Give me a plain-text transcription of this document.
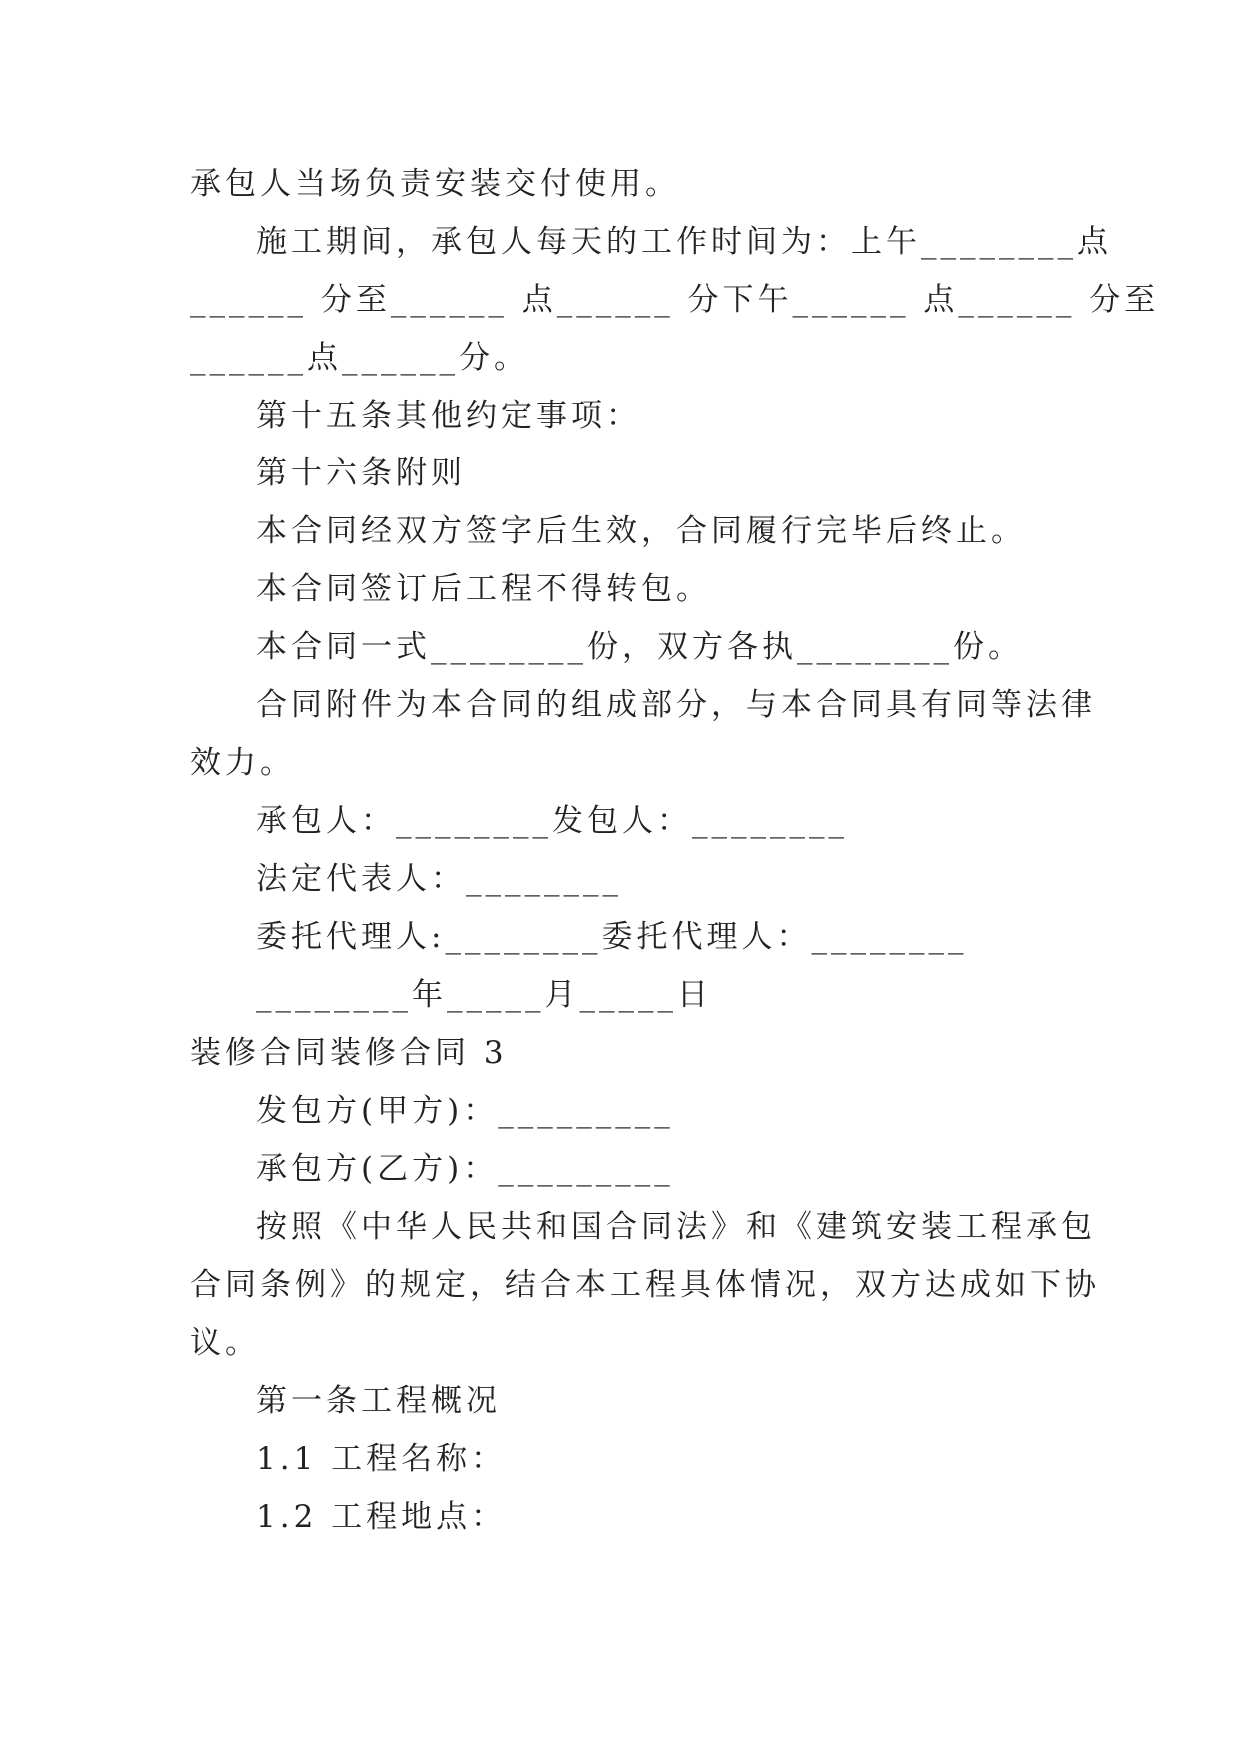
承包人当场负责安装交付使用。
施工期间，承包人每天的工作时间为：上午________点
______ 分至______ 点______ 分下午______ 点______ 分至
______点______分。
第十五条其他约定事项：
第十六条附则
本合同经双方签字后生效，合同履行完毕后终止。
本合同签订后工程不得转包。
本合同一式________份，双方各执________份。
合同附件为本合同的组成部分，与本合同具有同等法律
效力。
承包人：________发包人：________
法定代表人：________
委托代理人:________委托代理人：________
________年_____月_____日
装修合同装修合同 3
发包方(甲方)：_________
承包方(乙方)：_________
按照《中华人民共和国合同法》和《建筑安装工程承包
合同条例》的规定，结合本工程具体情况，双方达成如下协
议。
第一条工程概况
1.1 工程名称：
1.2 工程地点：
